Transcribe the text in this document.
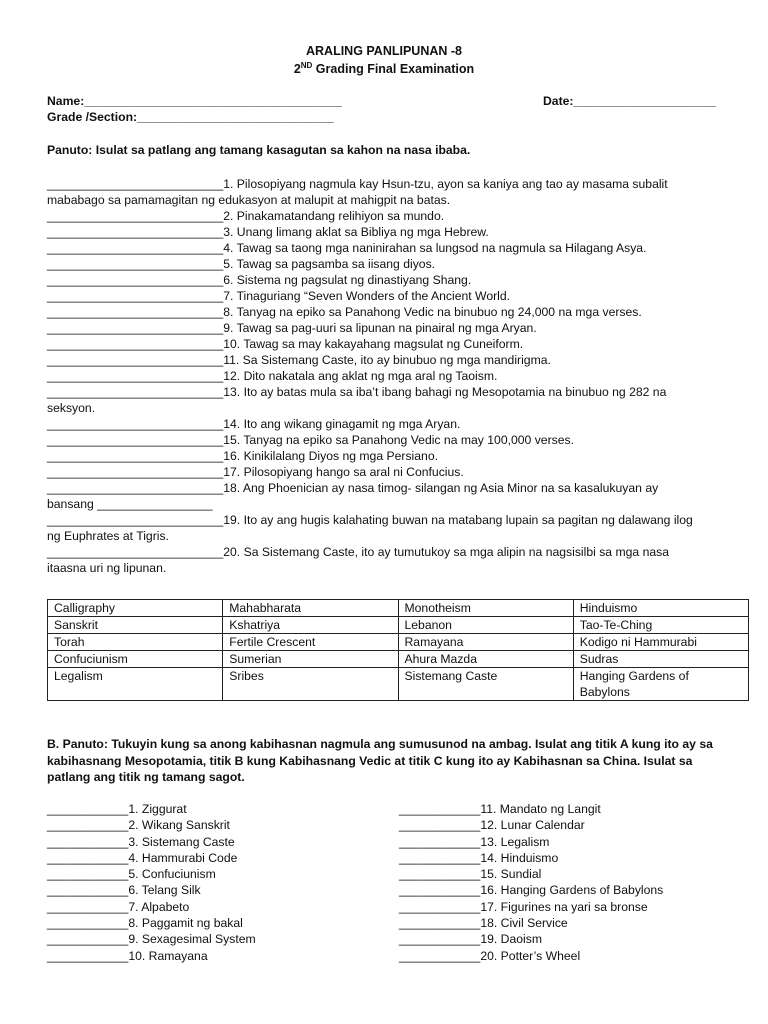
ARALING PANLIPUNAN -8
2ND Grading Final Examination
Name:______________________________________	Date:_____________________
Grade /Section:_____________________________
Panuto: Isulat sa patlang ang tamang kasagutan sa kahon na nasa ibaba.
__________________________1. Pilosopiyang nagmula kay Hsun-tzu, ayon sa kaniya ang tao ay masama subalit
mababago sa pamamagitan ng edukasyon at malupit at mahigpit na batas.
__________________________2. Pinakamatandang relihiyon sa mundo.
__________________________3. Unang limang aklat sa Bibliya ng mga Hebrew.
__________________________4. Tawag sa taong mga naninirahan sa lungsod na nagmula sa Hilagang Asya.
__________________________5. Tawag sa pagsamba sa iisang diyos.
__________________________6. Sistema ng pagsulat ng dinastiyang Shang.
__________________________7. Tinaguriang “Seven Wonders of the Ancient World.
__________________________8. Tanyag na epiko sa Panahong Vedic na binubuo ng 24,000 na mga verses.
__________________________9. Tawag sa pag-uuri sa lipunan na pinairal ng mga Aryan.
__________________________10. Tawag sa may kakayahang magsulat ng Cuneiform.
__________________________11. Sa Sistemang Caste, ito ay binubuo ng mga mandirigma.
__________________________12. Dito nakatala ang aklat ng mga aral ng Taoism.
__________________________13. Ito ay batas mula sa iba’t ibang bahagi ng Mesopotamia na binubuo ng 282 na
seksyon.
__________________________14. Ito ang wikang ginagamit ng mga Aryan.
__________________________15. Tanyag na epiko sa Panahong Vedic na may 100,000 verses.
__________________________16. Kinikilalang Diyos ng mga Persiano.
__________________________17. Pilosopiyang hango sa aral ni Confucius.
__________________________18. Ang Phoenician ay nasa timog- silangan ng Asia Minor na sa kasalukuyan ay
bansang _________________
__________________________19. Ito ay ang hugis kalahating buwan na matabang lupain sa pagitan ng dalawang ilog
ng Euphrates at Tigris.
__________________________20. Sa Sistemang Caste, ito ay tumutukoy sa mga alipin na nagsisilbi sa mga nasa
itaasna uri ng lipunan.
Calligraphy	Mahabharata	Monotheism	Hinduismo
Sanskrit	Kshatriya	Lebanon	Tao-Te-Ching
Torah	Fertile Crescent	Ramayana	Kodigo ni Hammurabi
Confuciunism	Sumerian	Ahura Mazda	Sudras
Legalism	Sribes	Sistemang Caste	Hanging Gardens of Babylons
B. Panuto: Tukuyin kung sa anong kabihasnan nagmula ang sumusunod na ambag. Isulat ang titik A kung ito ay sa
kabihasnang Mesopotamia, titik B kung Kabihasnang Vedic at titik C kung ito ay Kabihasnan sa China. Isulat sa
patlang ang titik ng tamang sagot.
____________1. Ziggurat
____________2. Wikang Sanskrit
____________3. Sistemang Caste
____________4. Hammurabi Code
____________5. Confuciunism
____________6. Telang Silk
____________7. Alpabeto
____________8. Paggamit ng bakal
____________9. Sexagesimal System
____________10. Ramayana
____________11. Mandato ng Langit
____________12. Lunar Calendar
____________13. Legalism
____________14. Hinduismo
____________15. Sundial
____________16. Hanging Gardens of Babylons
____________17. Figurines na yari sa bronse
____________18. Civil Service
____________19. Daoism
____________20. Potter’s Wheel
